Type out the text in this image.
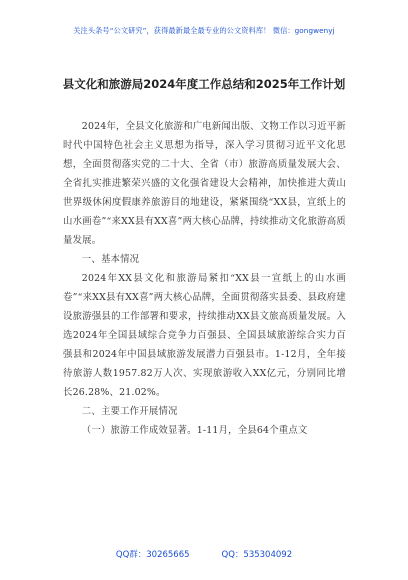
关注头条号“公文研究”，获得最新最全最专业的公文资料库！ 微信：gongwenyj
县文化和旅游局2024年度工作总结和2025年工作计划

2024年，全县文化旅游和广电新闻出版、文物工作以习近平新时代中国特色社会主义思想为指导，深入学习贯彻习近平文化思想，全面贯彻落实党的二十大、全省（市）旅游高质量发展大会、全省扎实推进繁荣兴盛的文化强省建设大会精神，加快推进大黄山世界级休闲度假康养旅游目的地建设，紧紧围绕“XX县，宣纸上的山水画卷”“来XX县有XX喜”两大核心品牌，持续推动文化旅游高质量发展。

一、基本情况

2024年XX县文化和旅游局紧扣“XX县一宣纸上的山水画卷”“来XX县有XX喜”两大核心品牌，全面贯彻落实县委、县政府建设旅游强县的工作部署和要求，持续推动XX县文旅高质量发展。入选2024年全国县域综合竞争力百强县、全国县域旅游综合实力百强县和2024年中国县域旅游发展潜力百强县市。1-12月，全年接待旅游人数1957.82万人次、实现旅游收入XX亿元，分别同比增长26.28%、21.02%。

二、主要工作开展情况

（一）旅游工作成效显著。1-11月，全县64个重点文

QQ群：30265665	QQ：535304092
